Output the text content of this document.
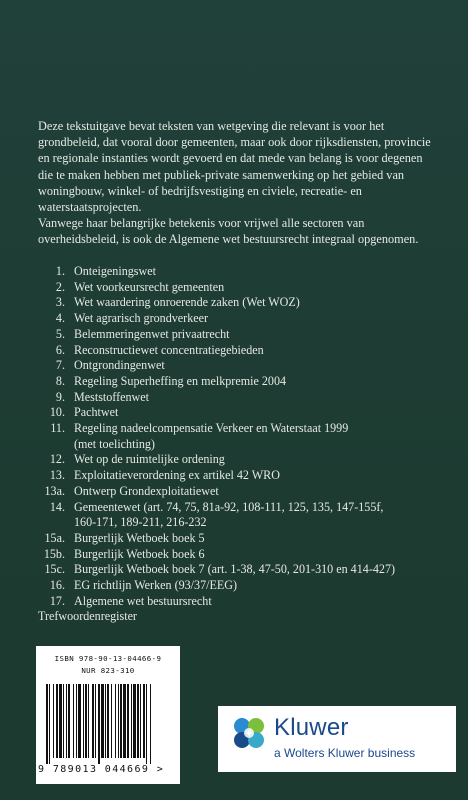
Deze tekstuitgave bevat teksten van wetgeving die relevant is voor het grondbeleid, dat vooral door gemeenten, maar ook door rijksdiensten, provincie en regionale instanties wordt gevoerd en dat mede van belang is voor degenen die te maken hebben met publiek-private samenwerking op het gebied van woningbouw, winkel- of bedrijfsvestiging en civiele, recreatie- en waterstaatsprojecten.

Vanwege haar belangrijke betekenis voor vrijwel alle sectoren van overheidsbeleid, is ook de Algemene wet bestuursrecht integraal opgenomen.

1. Onteigeningswet
2. Wet voorkeursrecht gemeenten
3. Wet waardering onroerende zaken (Wet WOZ)
4. Wet agrarisch grondverkeer
5. Belemmeringenwet privaatrecht
6. Reconstructiewet concentratiegebieden
7. Ontgrondingenwet
8. Regeling Superheffing en melkpremie 2004
9. Meststoffenwet
10. Pachtwet
11. Regeling nadeelcompensatie Verkeer en Waterstaat 1999
(met toelichting)
12. Wet op de ruimtelijke ordening
13. Exploitatieverordening ex artikel 42 WRO
13a. Ontwerp Grondexploitatiewet
14. Gemeentewet (art. 74, 75, 81a-92, 108-111, 125, 135, 147-155f,
160-171, 189-211, 216-232
15a. Burgerlijk Wetboek boek 5
15b. Burgerlijk Wetboek boek 6
15c. Burgerlijk Wetboek boek 7 (art. 1-38, 47-50, 201-310 en 414-427)
16. EG richtlijn Werken (93/37/EEG)
17. Algemene wet bestuursrecht
Trefwoordenregister
ISBN 978-90-13-04466-9
NUR 823-310
9 789013 044669 >
Kluwer
a Wolters Kluwer business
